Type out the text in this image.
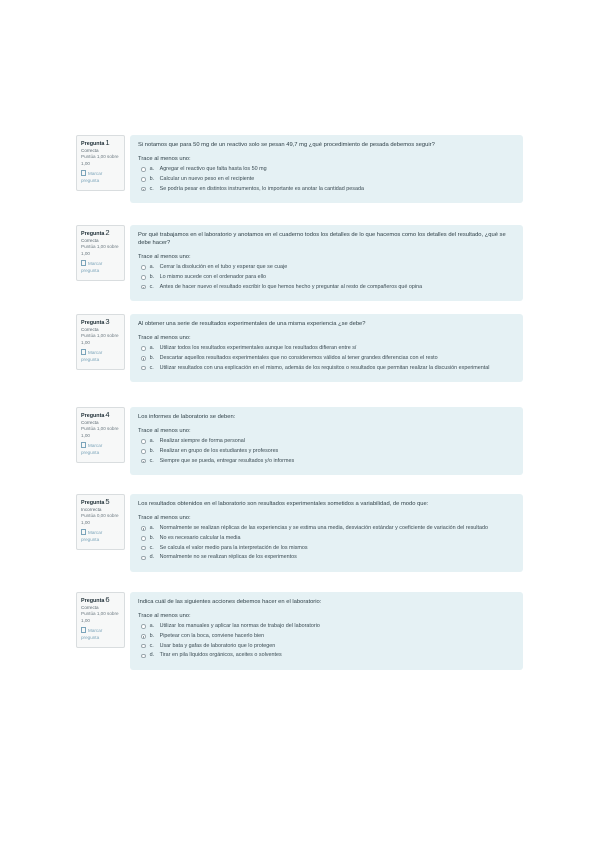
Pregunta1
Correcta
Puntúa 1,00 sobre 1,00
Marcar pregunta
Si notamos que para 50 mg de un reactivo solo se pesan 49,7 mg ¿qué procedimiento de pesada debemos seguir?
Trace al menos uno:
a.	Agregar el reactivo que falta hasta los 50 mg
b.	Calcular un nuevo peso en el recipiente
c.	Se podría pesar en distintos instrumentos, lo importante es anotar la cantidad pesada
Pregunta2
Correcta
Puntúa 1,00 sobre 1,00
Marcar pregunta
Por qué trabajamos en el laboratorio y anotamos en el cuaderno todos los detalles de lo que hacemos como los detalles del resultado, ¿qué se debe hacer?
Trace al menos uno:
a.	Cerrar la disolución en el tubo y esperar que se cuaje
b.	Lo mismo sucede con el ordenador para ello
c.	Antes de hacer nuevo el resultado escribir lo que hemos hecho y preguntar al resto de compañeros qué opina
Pregunta3
Correcta
Puntúa 1,00 sobre 1,00
Marcar pregunta
Al obtener una serie de resultados experimentales de una misma experiencia ¿se debe?
Trace al menos uno:
a.	Utilizar todos los resultados experimentales aunque los resultados difieran entre sí
b.	Descartar aquellos resultados experimentales que no consideremos válidos al tener grandes diferencias con el resto
c.	Utilizar resultados con una explicación en el mismo, además de los requisitos o resultados que permitan realizar la discusión experimental
Pregunta4
Correcta
Puntúa 1,00 sobre 1,00
Marcar pregunta
Los informes de laboratorio se deben:
Trace al menos uno:
a.	Realizar siempre de forma personal
b.	Realizar en grupo de los estudiantes y profesores
c.	Siempre que se pueda, entregar resultados y/o informes
Pregunta5
Incorrecta
Puntúa 0,00 sobre 1,00
Marcar pregunta
Los resultados obtenidos en el laboratorio son resultados experimentales sometidos a variabilidad, de modo que:
Trace al menos uno:
a.	Normalmente se realizan réplicas de las experiencias y se estima una media, desviación estándar y coeficiente de variación del resultado
b.	No es necesario calcular la media
c.	Se calcula el valor medio para la interpretación de los mismos
d.	Normalmente no se realizan réplicas de los experimentos
Pregunta6
Correcta
Puntúa 1,00 sobre 1,00
Marcar pregunta
Indica cuál de las siguientes acciones debemos hacer en el laboratorio:
Trace al menos uno:
a.	Utilizar los manuales y aplicar las normas de trabajo del laboratorio
b.	Pipetear con la boca, conviene hacerlo bien
c.	Usar bata y gafas de laboratorio que lo protegen
d.	Tirar en pila líquidos orgánicos, aceites o solventes
